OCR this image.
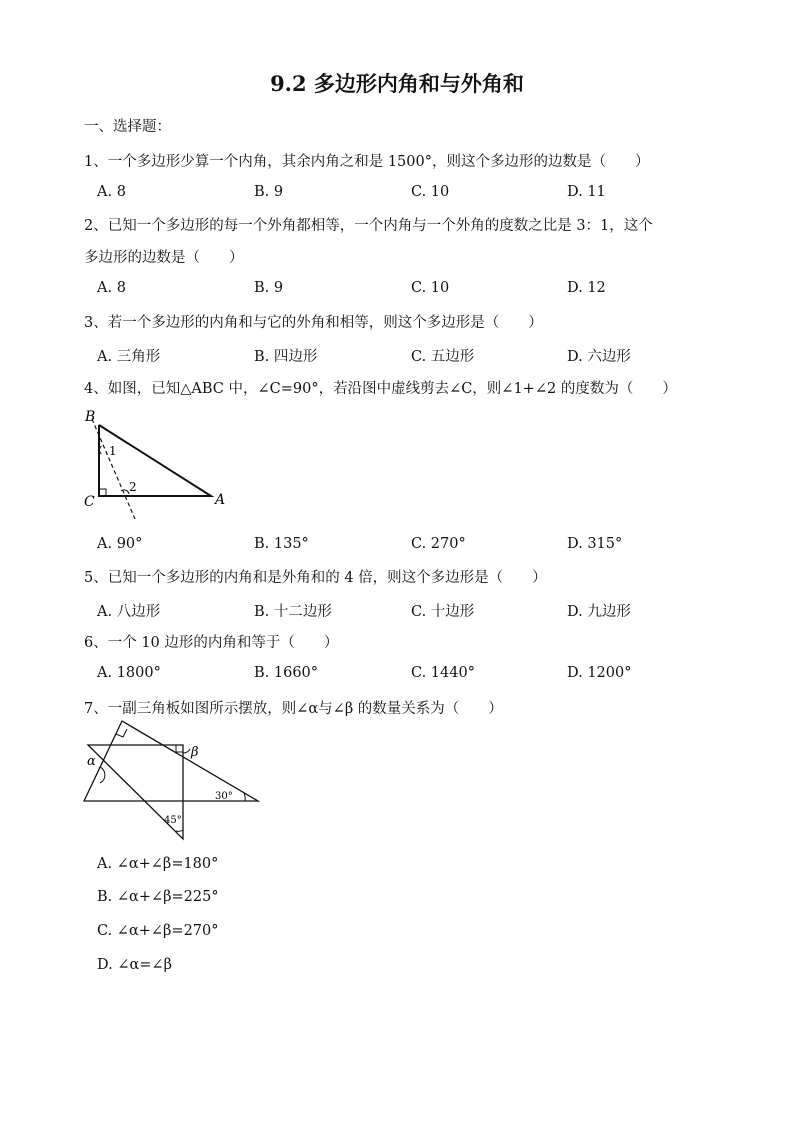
9.2 多边形内角和与外角和
一、选择题：
1、一个多边形少算一个内角，其余内角之和是 1500°，则这个多边形的边数是（　　）
A. 8	B. 9	C. 10	D. 11
2、已知一个多边形的每一个外角都相等，一个内角与一个外角的度数之比是 3：1，这个
多边形的边数是（　　）
A. 8	B. 9	C. 10	D. 12
3、若一个多边形的内角和与它的外角和相等，则这个多边形是（　　）
A. 三角形	B. 四边形	C. 五边形	D. 六边形
4、如图，已知△ABC 中，∠C=90°，若沿图中虚线剪去∠C，则∠1+∠2 的度数为（　　）
B
C	A
1
2
A. 90°	B. 135°	C. 270°	D. 315°
5、已知一个多边形的内角和是外角和的 4 倍，则这个多边形是（　　）
A. 八边形	B. 十二边形	C. 十边形	D. 九边形
6、一个 10 边形的内角和等于（　　）
A. 1800°	B. 1660°	C. 1440°	D. 1200°
7、一副三角板如图所示摆放，则∠α与∠β 的数量关系为（　　）
α
β
30°
45°
A. ∠α+∠β=180°
B. ∠α+∠β=225°
C. ∠α+∠β=270°
D. ∠α=∠β
